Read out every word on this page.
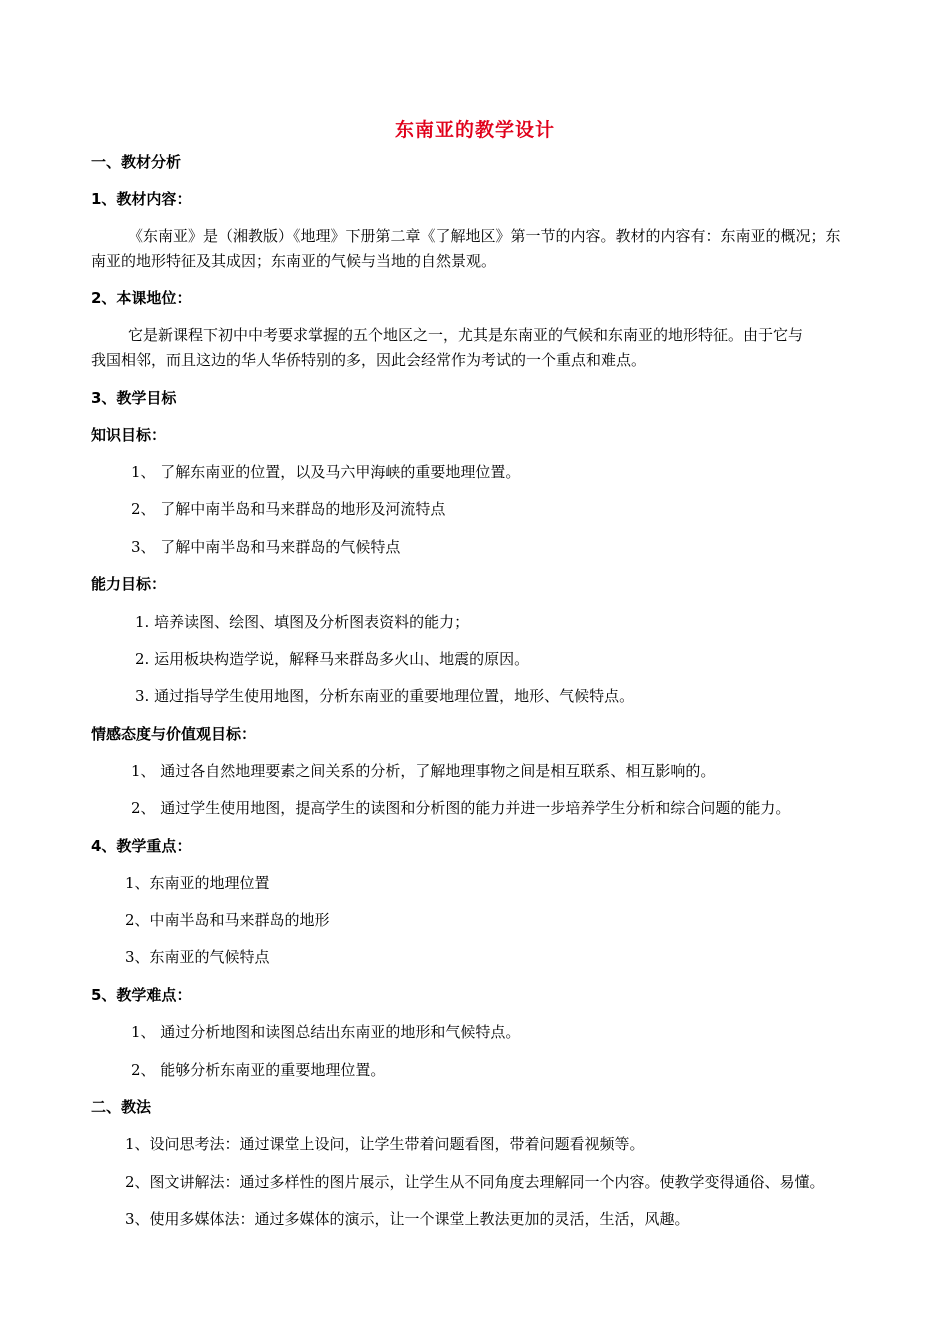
东南亚的教学设计
一、教材分析
1、教材内容：
《东南亚》是（湘教版）《地理》下册第二章《了解地区》第一节的内容。教材的内容有：东南亚的概况；东
南亚的地形特征及其成因；东南亚的气候与当地的自然景观。
2、本课地位：
它是新课程下初中中考要求掌握的五个地区之一，尤其是东南亚的气候和东南亚的地形特征。由于它与
我国相邻，而且这边的华人华侨特别的多，因此会经常作为考试的一个重点和难点。
3、教学目标
知识目标：
1、 了解东南亚的位置，以及马六甲海峡的重要地理位置。
2、 了解中南半岛和马来群岛的地形及河流特点
3、 了解中南半岛和马来群岛的气候特点
能力目标：
1. 培养读图、绘图、填图及分析图表资料的能力；
2. 运用板块构造学说，解释马来群岛多火山、地震的原因。
3. 通过指导学生使用地图，分析东南亚的重要地理位置，地形、气候特点。
情感态度与价值观目标：
1、 通过各自然地理要素之间关系的分析，了解地理事物之间是相互联系、相互影响的。
2、 通过学生使用地图，提高学生的读图和分析图的能力并进一步培养学生分析和综合问题的能力。
4、教学重点：
1、东南亚的地理位置
2、中南半岛和马来群岛的地形
3、东南亚的气候特点
5、教学难点：
1、 通过分析地图和读图总结出东南亚的地形和气候特点。
2、 能够分析东南亚的重要地理位置。
二、教法
1、设问思考法：通过课堂上设问，让学生带着问题看图，带着问题看视频等。
2、图文讲解法：通过多样性的图片展示，让学生从不同角度去理解同一个内容。使教学变得通俗、易懂。
3、使用多媒体法：通过多媒体的演示，让一个课堂上教法更加的灵活，生活，风趣。
